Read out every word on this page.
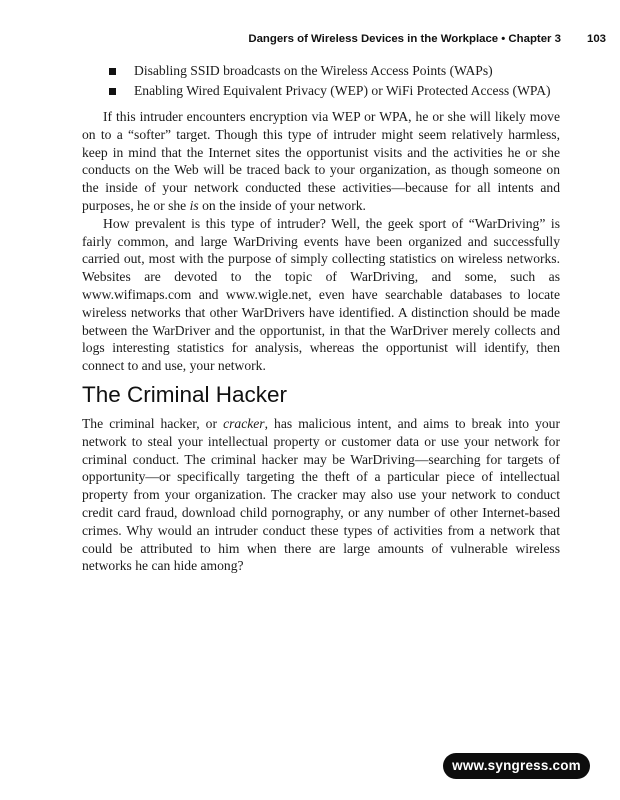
Dangers of Wireless Devices in the Workplace • Chapter 3 103
Disabling SSID broadcasts on the Wireless Access Points (WAPs)
Enabling Wired Equivalent Privacy (WEP) or WiFi Protected Access (WPA)

If this intruder encounters encryption via WEP or WPA, he or she will likely move on to a “softer” target. Though this type of intruder might seem relatively harmless, keep in mind that the Internet sites the opportunist visits and the activities he or she conducts on the Web will be traced back to your organization, as though someone on the inside of your network conducted these activities—because for all intents and purposes, he or she is on the inside of your network.

How prevalent is this type of intruder? Well, the geek sport of “WarDriving” is fairly common, and large WarDriving events have been organized and successfully carried out, most with the purpose of simply collecting statistics on wireless networks. Websites are devoted to the topic of WarDriving, and some, such as www.wifimaps.com and www.wigle.net, even have searchable databases to locate wireless networks that other WarDrivers have identified. A distinction should be made between the WarDriver and the opportunist, in that the WarDriver merely collects and logs interesting statistics for analysis, whereas the opportunist will identify, then connect to and use, your network.

The Criminal Hacker

The criminal hacker, or cracker, has malicious intent, and aims to break into your network to steal your intellectual property or customer data or use your network for criminal conduct. The criminal hacker may be WarDriving—searching for targets of opportunity—or specifically targeting the theft of a particular piece of intellectual property from your organization. The cracker may also use your network to conduct credit card fraud, download child pornography, or any number of other Internet-based crimes. Why would an intruder conduct these types of activities from a network that could be attributed to him when there are large amounts of vulnerable wireless networks he can hide among?

www.syngress.com
